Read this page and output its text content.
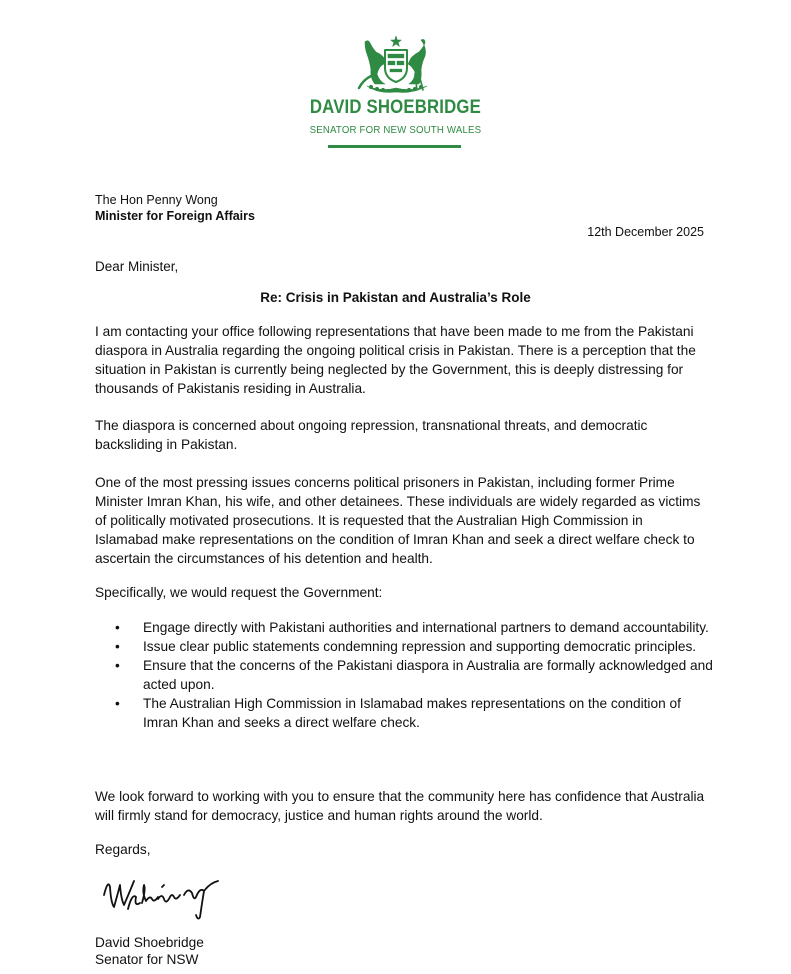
DAVID SHOEBRIDGE
SENATOR FOR NEW SOUTH WALES
The Hon Penny Wong
Minister for Foreign Affairs
12th December 2025
Dear Minister,
Re: Crisis in Pakistan and Australia’s Role

I am contacting your office following representations that have been made to me from the Pakistani diaspora in Australia regarding the ongoing political crisis in Pakistan. There is a perception that the situation in Pakistan is currently being neglected by the Government, this is deeply distressing for thousands of Pakistanis residing in Australia.

The diaspora is concerned about ongoing repression, transnational threats, and democratic backsliding in Pakistan.

One of the most pressing issues concerns political prisoners in Pakistan, including former Prime Minister Imran Khan, his wife, and other detainees. These individuals are widely regarded as victims of politically motivated prosecutions. It is requested that the Australian High Commission in Islamabad make representations on the condition of Imran Khan and seek a direct welfare check to ascertain the circumstances of his detention and health.

Specifically, we would request the Government:

• Engage directly with Pakistani authorities and international partners to demand accountability.
• Issue clear public statements condemning repression and supporting democratic principles.
• Ensure that the concerns of the Pakistani diaspora in Australia are formally acknowledged and acted upon.
• The Australian High Commission in Islamabad makes representations on the condition of Imran Khan and seeks a direct welfare check.

We look forward to working with you to ensure that the community here has confidence that Australia will firmly stand for democracy, justice and human rights around the world.

Regards,
David Shoebridge
Senator for NSW
